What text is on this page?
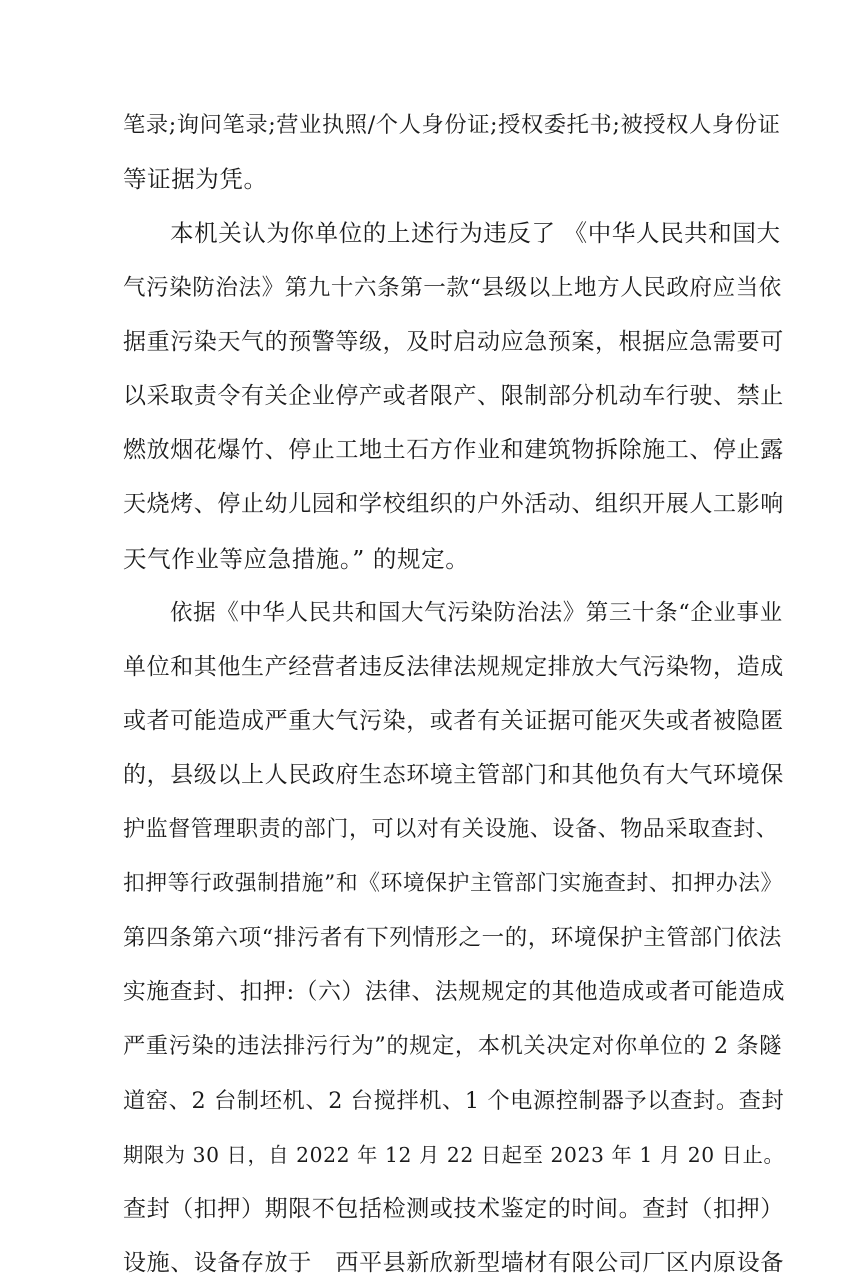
笔录;询问笔录;营业执照/个人身份证;授权委托书;被授权人身份证
等证据为凭。
本机关认为你单位的上述行为违反了 《中华人民共和国大
气污染防治法》第九十六条第一款“县级以上地方人民政府应当依
据重污染天气的预警等级，及时启动应急预案，根据应急需要可
以采取责令有关企业停产或者限产、限制部分机动车行驶、禁止
燃放烟花爆竹、停止工地土石方作业和建筑物拆除施工、停止露
天烧烤、停止幼儿园和学校组织的户外活动、组织开展人工影响
天气作业等应急措施。” 的规定。
依据《中华人民共和国大气污染防治法》第三十条“企业事业
单位和其他生产经营者违反法律法规规定排放大气污染物，造成
或者可能造成严重大气污染，或者有关证据可能灭失或者被隐匿
的，县级以上人民政府生态环境主管部门和其他负有大气环境保
护监督管理职责的部门，可以对有关设施、设备、物品采取查封、
扣押等行政强制措施”和《环境保护主管部门实施查封、扣押办法》
第四条第六项“排污者有下列情形之一的，环境保护主管部门依法
实施查封、扣押:（六）法律、法规规定的其他造成或者可能造成
严重污染的违法排污行为”的规定，本机关决定对你单位的 2 条隧
道窑、2 台制坯机、2 台搅拌机、1 个电源控制器予以查封。查封
期限为 30 日，自 2022 年 12 月 22 日起至 2023 年 1 月 20 日止。
查封（扣押）期限不包括检测或技术鉴定的时间。查封（扣押）
设施、设备存放于   西平县新欣新型墙材有限公司厂区内原设备
